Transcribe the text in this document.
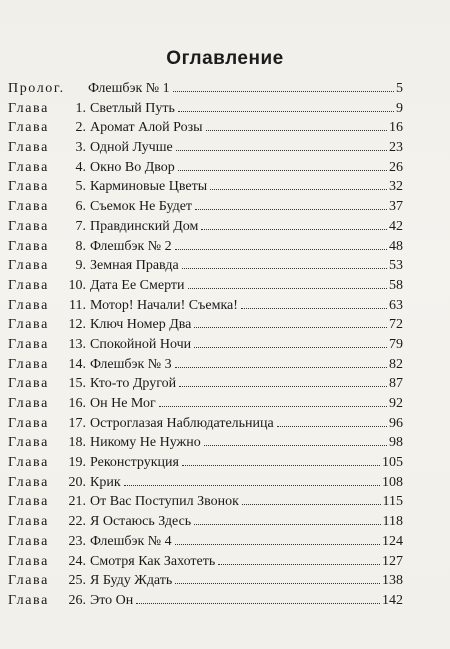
Оглавление
Пролог.	Флешбэк № 1	5
Глава	1. Светлый Путь	9
Глава	2. Аромат Алой Розы	16
Глава	3. Одной Лучше	23
Глава	4. Окно Во Двор	26
Глава	5. Карминовые Цветы	32
Глава	6. Съемок Не Будет	37
Глава	7. Правдинский Дом	42
Глава	8. Флешбэк № 2	48
Глава	9. Земная Правда	53
Глава	10. Дата Ее Смерти	58
Глава	11. Мотор! Начали! Съемка!	63
Глава	12. Ключ Номер Два	72
Глава	13. Спокойной Ночи	79
Глава	14. Флешбэк № 3	82
Глава	15. Кто-то Другой	87
Глава	16. Он Не Мог	92
Глава	17. Остроглазая Наблюдательница	96
Глава	18. Никому Не Нужно	98
Глава	19. Реконструкция	105
Глава	20. Крик	108
Глава	21. От Вас Поступил Звонок	115
Глава	22. Я Остаюсь Здесь	118
Глава	23. Флешбэк № 4	124
Глава	24. Смотря Как Захотеть	127
Глава	25. Я Буду Ждать	138
Глава	26. Это Он	142
